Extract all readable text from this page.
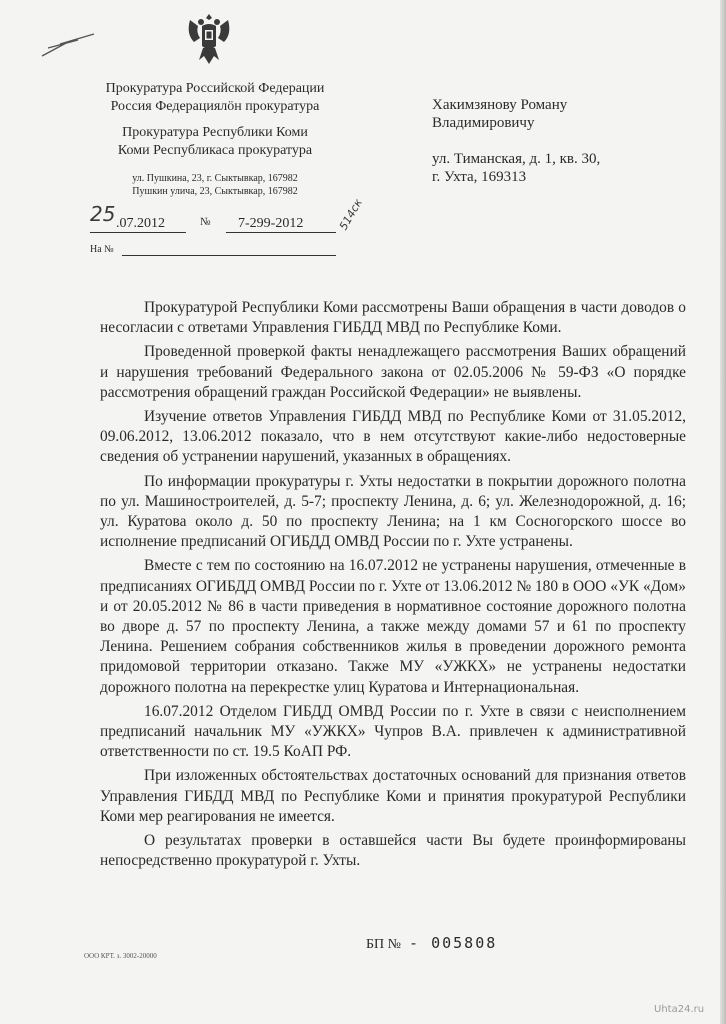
Прокуратура Российской Федерации
Россия Федерациялӧн прокуратура
Прокуратура Республики Коми
Коми Республикаса прокуратура
ул. Пушкина, 23, г. Сыктывкар, 167982
Пушкин улича, 23, Сыктывкар, 167982
25 .07.2012	№ 7-299-2012	514ск
На №
Хакимзянову Роману
Владимировичу
ул. Тиманская, д. 1, кв. 30,
г. Ухта, 169313

Прокуратурой Республики Коми рассмотрены Ваши обращения в части доводов о несогласии с ответами Управления ГИБДД МВД по Республике Коми.

Проведенной проверкой факты ненадлежащего рассмотрения Ваших обращений и нарушения требований Федерального закона от 02.05.2006 № 59-ФЗ «О порядке рассмотрения обращений граждан Российской Федерации» не выявлены.

Изучение ответов Управления ГИБДД МВД по Республике Коми от 31.05.2012, 09.06.2012, 13.06.2012 показало, что в нем отсутствуют какие-либо недостоверные сведения об устранении нарушений, указанных в обращениях.

По информации прокуратуры г. Ухты недостатки в покрытии дорожного полотна по ул. Машиностроителей, д. 5-7; проспекту Ленина, д. 6; ул. Железнодорожной, д. 16; ул. Куратова около д. 50 по проспекту Ленина; на 1 км Сосногорского шоссе во исполнение предписаний ОГИБДД ОМВД России по г. Ухте устранены.

Вместе с тем по состоянию на 16.07.2012 не устранены нарушения, отмеченные в предписаниях ОГИБДД ОМВД России по г. Ухте от 13.06.2012 № 180 в ООО «УК «Дом» и от 20.05.2012 № 86 в части приведения в нормативное состояние дорожного полотна во дворе д. 57 по проспекту Ленина, а также между домами 57 и 61 по проспекту Ленина. Решением собрания собственников жилья в проведении дорожного ремонта придомовой территории отказано. Также МУ «УЖКХ» не устранены недостатки дорожного полотна на перекрестке улиц Куратова и Интернациональная.

16.07.2012 Отделом ГИБДД ОМВД России по г. Ухте в связи с неисполнением предписаний начальник МУ «УЖКХ» Чупров В.А. привлечен к административной ответственности по ст. 19.5 КоАП РФ.

При изложенных обстоятельствах достаточных оснований для признания ответов Управления ГИБДД МВД по Республике Коми и принятия прокуратурой Республики Коми мер реагирования не имеется.

О результатах проверки в оставшейся части Вы будете проинформированы непосредственно прокуратурой г. Ухты.

БП № - 005808
ООО КРТ. з. 3002-20000
Uhta24.ru
